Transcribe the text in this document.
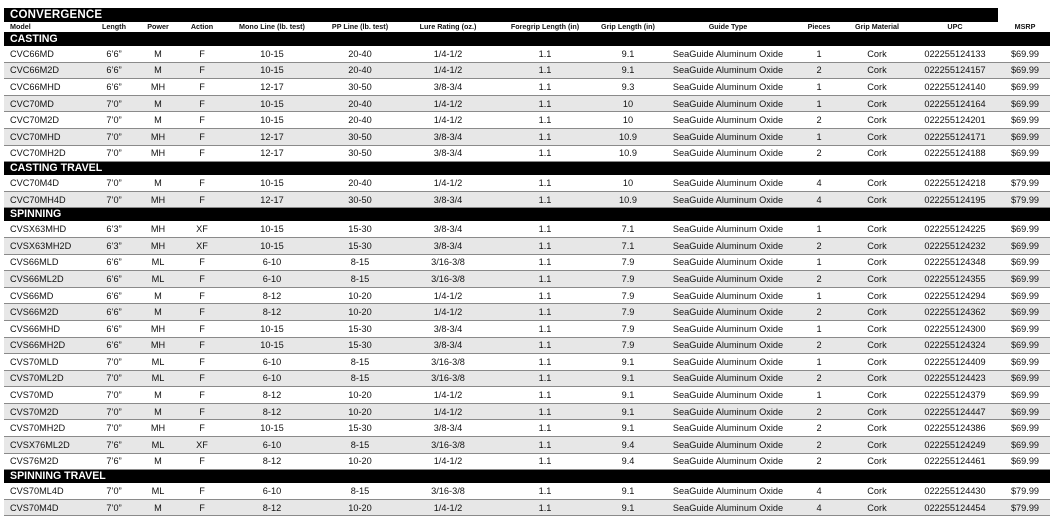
CONVERGENCE
Model	Length	Power	Action	Mono Line (lb. test)	PP Line (lb. test)	Lure Rating (oz.)	Foregrip Length (in)	Grip Length (in)	Guide Type	Pieces	Grip Material	UPC	MSRP
CASTING													
CVC66MD	6’6”	M	F	10-15	20-40	1/4-1/2	1.1	9.1	SeaGuide Aluminum Oxide	1	Cork	022255124133	$69.99
CVC66M2D	6’6”	M	F	10-15	20-40	1/4-1/2	1.1	9.1	SeaGuide Aluminum Oxide	2	Cork	022255124157	$69.99
CVC66MHD	6’6”	MH	F	12-17	30-50	3/8-3/4	1.1	9.3	SeaGuide Aluminum Oxide	1	Cork	022255124140	$69.99
CVC70MD	7’0”	M	F	10-15	20-40	1/4-1/2	1.1	10	SeaGuide Aluminum Oxide	1	Cork	022255124164	$69.99
CVC70M2D	7’0”	M	F	10-15	20-40	1/4-1/2	1.1	10	SeaGuide Aluminum Oxide	2	Cork	022255124201	$69.99
CVC70MHD	7’0”	MH	F	12-17	30-50	3/8-3/4	1.1	10.9	SeaGuide Aluminum Oxide	1	Cork	022255124171	$69.99
CVC70MH2D	7’0”	MH	F	12-17	30-50	3/8-3/4	1.1	10.9	SeaGuide Aluminum Oxide	2	Cork	022255124188	$69.99
CASTING TRAVEL													
CVC70M4D	7’0”	M	F	10-15	20-40	1/4-1/2	1.1	10	SeaGuide Aluminum Oxide	4	Cork	022255124218	$79.99
CVC70MH4D	7’0”	MH	F	12-17	30-50	3/8-3/4	1.1	10.9	SeaGuide Aluminum Oxide	4	Cork	022255124195	$79.99
SPINNING													
CVSX63MHD	6’3”	MH	XF	10-15	15-30	3/8-3/4	1.1	7.1	SeaGuide Aluminum Oxide	1	Cork	022255124225	$69.99
CVSX63MH2D	6’3”	MH	XF	10-15	15-30	3/8-3/4	1.1	7.1	SeaGuide Aluminum Oxide	2	Cork	022255124232	$69.99
CVS66MLD	6’6”	ML	F	6-10	8-15	3/16-3/8	1.1	7.9	SeaGuide Aluminum Oxide	1	Cork	022255124348	$69.99
CVS66ML2D	6’6”	ML	F	6-10	8-15	3/16-3/8	1.1	7.9	SeaGuide Aluminum Oxide	2	Cork	022255124355	$69.99
CVS66MD	6’6”	M	F	8-12	10-20	1/4-1/2	1.1	7.9	SeaGuide Aluminum Oxide	1	Cork	022255124294	$69.99
CVS66M2D	6’6”	M	F	8-12	10-20	1/4-1/2	1.1	7.9	SeaGuide Aluminum Oxide	2	Cork	022255124362	$69.99
CVS66MHD	6’6”	MH	F	10-15	15-30	3/8-3/4	1.1	7.9	SeaGuide Aluminum Oxide	1	Cork	022255124300	$69.99
CVS66MH2D	6’6”	MH	F	10-15	15-30	3/8-3/4	1.1	7.9	SeaGuide Aluminum Oxide	2	Cork	022255124324	$69.99
CVS70MLD	7’0”	ML	F	6-10	8-15	3/16-3/8	1.1	9.1	SeaGuide Aluminum Oxide	1	Cork	022255124409	$69.99
CVS70ML2D	7’0”	ML	F	6-10	8-15	3/16-3/8	1.1	9.1	SeaGuide Aluminum Oxide	2	Cork	022255124423	$69.99
CVS70MD	7’0”	M	F	8-12	10-20	1/4-1/2	1.1	9.1	SeaGuide Aluminum Oxide	1	Cork	022255124379	$69.99
CVS70M2D	7’0”	M	F	8-12	10-20	1/4-1/2	1.1	9.1	SeaGuide Aluminum Oxide	2	Cork	022255124447	$69.99
CVS70MH2D	7’0”	MH	F	10-15	15-30	3/8-3/4	1.1	9.1	SeaGuide Aluminum Oxide	2	Cork	022255124386	$69.99
CVSX76ML2D	7’6”	ML	XF	6-10	8-15	3/16-3/8	1.1	9.4	SeaGuide Aluminum Oxide	2	Cork	022255124249	$69.99
CVS76M2D	7’6”	M	F	8-12	10-20	1/4-1/2	1.1	9.4	SeaGuide Aluminum Oxide	2	Cork	022255124461	$69.99
SPINNING TRAVEL													
CVS70ML4D	7’0”	ML	F	6-10	8-15	3/16-3/8	1.1	9.1	SeaGuide Aluminum Oxide	4	Cork	022255124430	$79.99
CVS70M4D	7’0”	M	F	8-12	10-20	1/4-1/2	1.1	9.1	SeaGuide Aluminum Oxide	4	Cork	022255124454	$79.99
